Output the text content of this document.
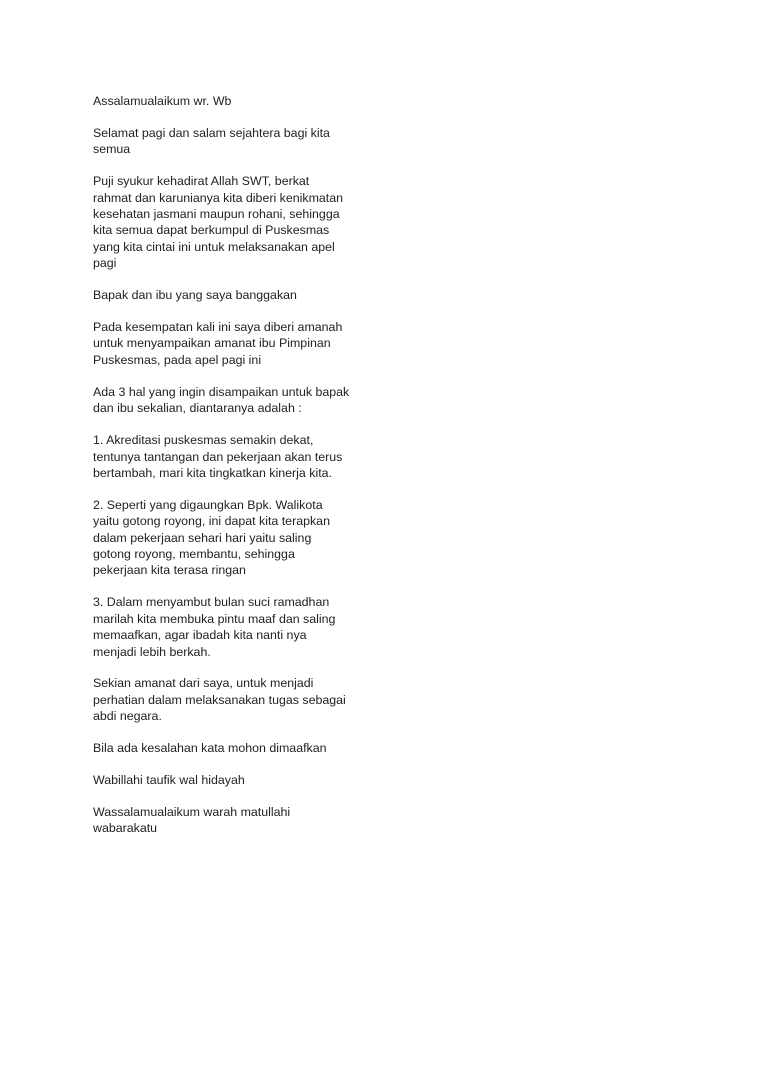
Assalamualaikum wr. Wb

Selamat pagi dan salam sejahtera bagi kita
semua

Puji syukur kehadirat Allah SWT, berkat
rahmat dan karunianya kita diberi kenikmatan
kesehatan jasmani maupun rohani, sehingga
kita semua dapat berkumpul di Puskesmas
yang kita cintai ini untuk melaksanakan apel
pagi

Bapak dan ibu yang saya banggakan

Pada kesempatan kali ini saya diberi amanah
untuk menyampaikan amanat ibu Pimpinan
Puskesmas, pada apel pagi ini

Ada 3 hal yang ingin disampaikan untuk bapak
dan ibu sekalian, diantaranya adalah :

1. Akreditasi puskesmas semakin dekat,
tentunya tantangan dan pekerjaan akan terus
bertambah, mari kita tingkatkan kinerja kita.

2. Seperti yang digaungkan Bpk. Walikota
yaitu gotong royong, ini dapat kita terapkan
dalam pekerjaan sehari hari yaitu saling
gotong royong, membantu, sehingga
pekerjaan kita terasa ringan

3. Dalam menyambut bulan suci ramadhan
marilah kita membuka pintu maaf dan saling
memaafkan, agar ibadah kita nanti nya
menjadi lebih berkah.

Sekian amanat dari saya, untuk menjadi
perhatian dalam melaksanakan tugas sebagai
abdi negara.

Bila ada kesalahan kata mohon dimaafkan

Wabillahi taufik wal hidayah

Wassalamualaikum warah matullahi
wabarakatu
